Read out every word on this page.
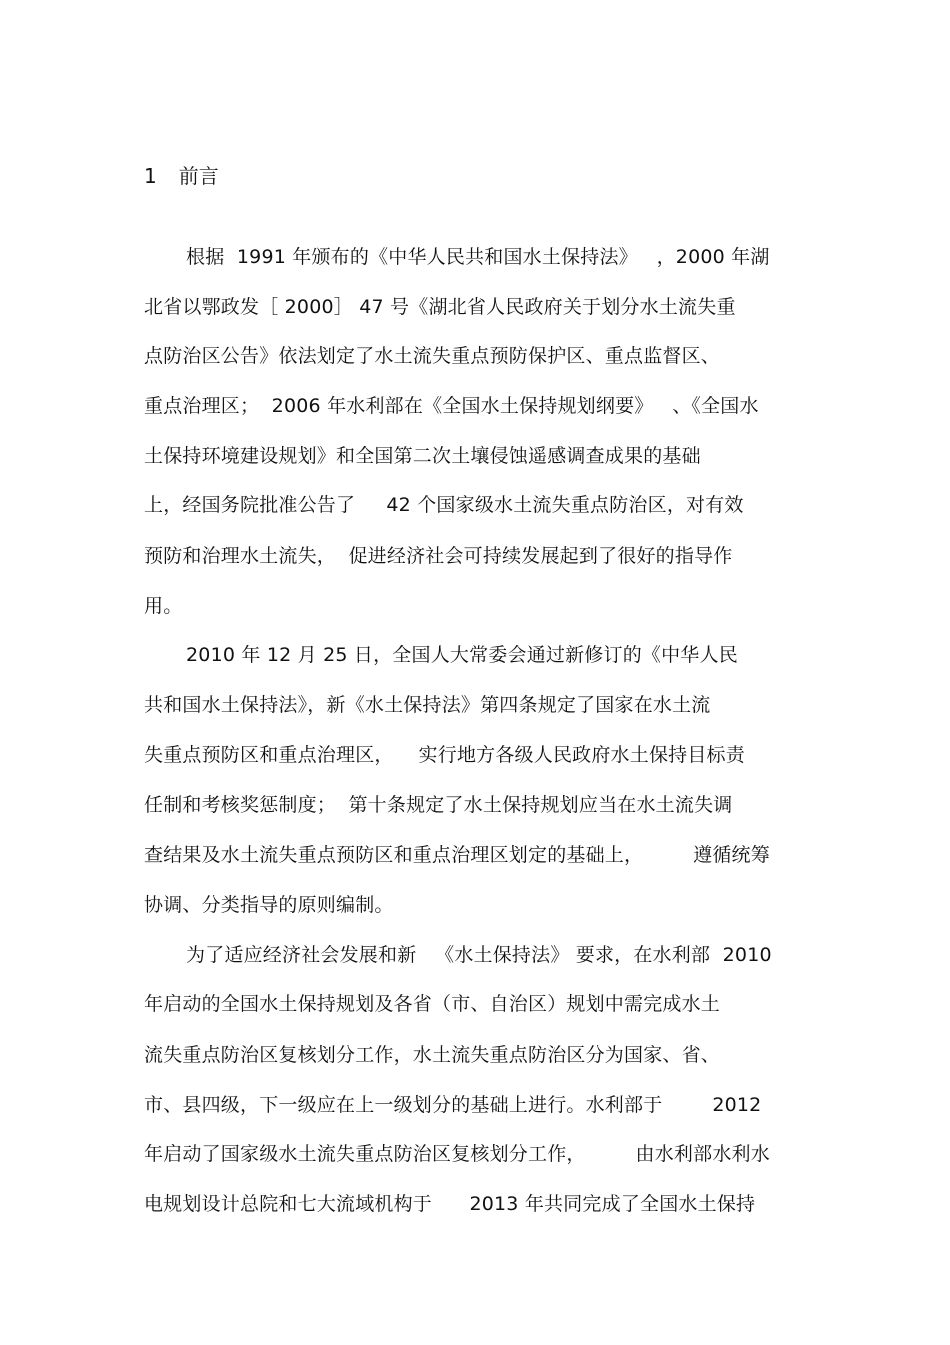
1 前言
根据  1991 年颁布的《中华人民共和国水土保持法》   ，2000 年湖
北省以鄂政发［ 2000］ 47 号《湖北省人民政府关于划分水土流失重
点防治区公告》依法划定了水土流失重点预防保护区、重点监督区、
重点治理区；  2006 年水利部在《全国水土保持规划纲要》   、《全国水
土保持环境建设规划》和全国第二次土壤侵蚀遥感调查成果的基础
上，经国务院批准公告了     42 个国家级水土流失重点防治区，对有效
预防和治理水土流失，  促进经济社会可持续发展起到了很好的指导作
用。
2010 年 12 月 25 日，全国人大常委会通过新修订的《中华人民
共和国水土保持法》，新《水土保持法》第四条规定了国家在水土流
失重点预防区和重点治理区，    实行地方各级人民政府水土保持目标责
任制和考核奖惩制度；  第十条规定了水土保持规划应当在水土流失调
查结果及水土流失重点预防区和重点治理区划定的基础上，        遵循统筹
协调、分类指导的原则编制。
为了适应经济社会发展和新   《水土保持法》 要求，在水利部  2010
年启动的全国水土保持规划及各省（市、自治区）规划中需完成水土
流失重点防治区复核划分工作，水土流失重点防治区分为国家、省、
市、县四级，下一级应在上一级划分的基础上进行。水利部于        2012
年启动了国家级水土流失重点防治区复核划分工作，        由水利部水利水
电规划设计总院和七大流域机构于      2013 年共同完成了全国水土保持
